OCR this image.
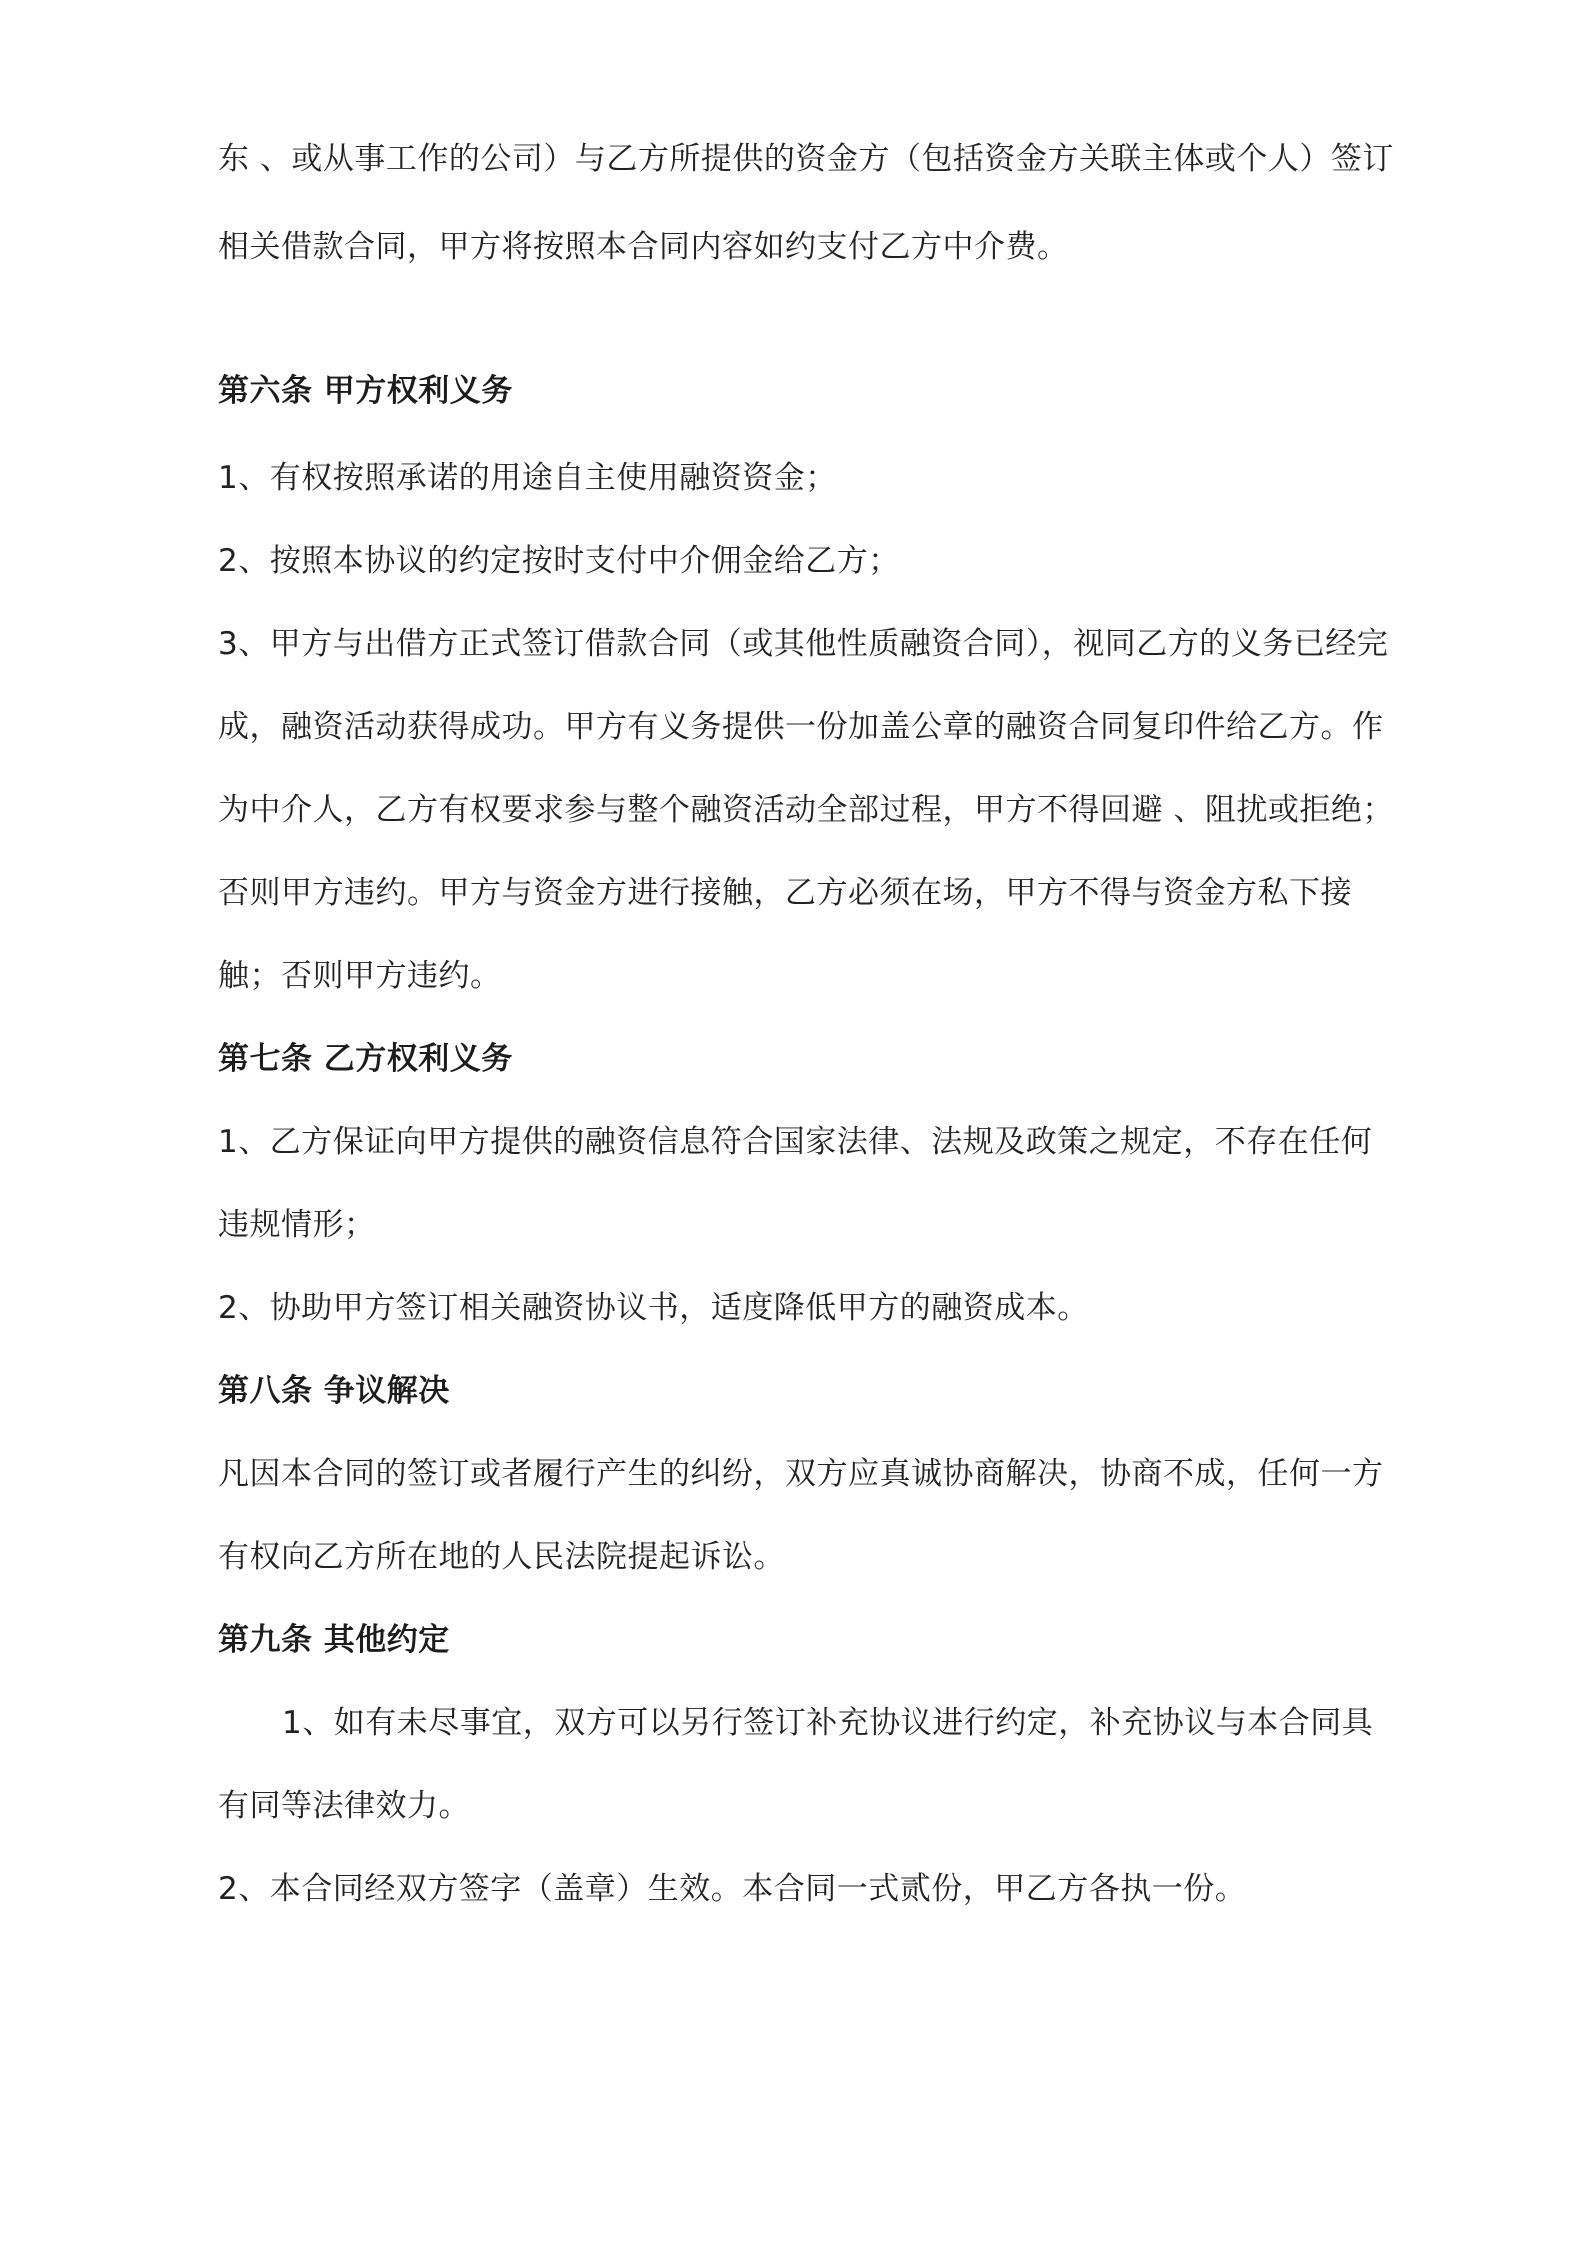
东 、或从事工作的公司）与乙方所提供的资金方（包括资金方关联主体或个人）签订
相关借款合同，甲方将按照本合同内容如约支付乙方中介费。
第六条 甲方权利义务
1、有权按照承诺的用途自主使用融资资金；
2、按照本协议的约定按时支付中介佣金给乙方；
3、甲方与出借方正式签订借款合同（或其他性质融资合同），视同乙方的义务已经完
成，融资活动获得成功。甲方有义务提供一份加盖公章的融资合同复印件给乙方。作
为中介人，乙方有权要求参与整个融资活动全部过程，甲方不得回避 、阻扰或拒绝；
否则甲方违约。甲方与资金方进行接触，乙方必须在场，甲方不得与资金方私下接
触；否则甲方违约。
第七条 乙方权利义务
1、乙方保证向甲方提供的融资信息符合国家法律、法规及政策之规定，不存在任何
违规情形；
2、协助甲方签订相关融资协议书，适度降低甲方的融资成本。
第八条 争议解决
凡因本合同的签订或者履行产生的纠纷，双方应真诚协商解决，协商不成，任何一方
有权向乙方所在地的人民法院提起诉讼。
第九条 其他约定
1、如有未尽事宜，双方可以另行签订补充协议进行约定，补充协议与本合同具
有同等法律效力。
2、本合同经双方签字（盖章）生效。本合同一式贰份，甲乙方各执一份。
